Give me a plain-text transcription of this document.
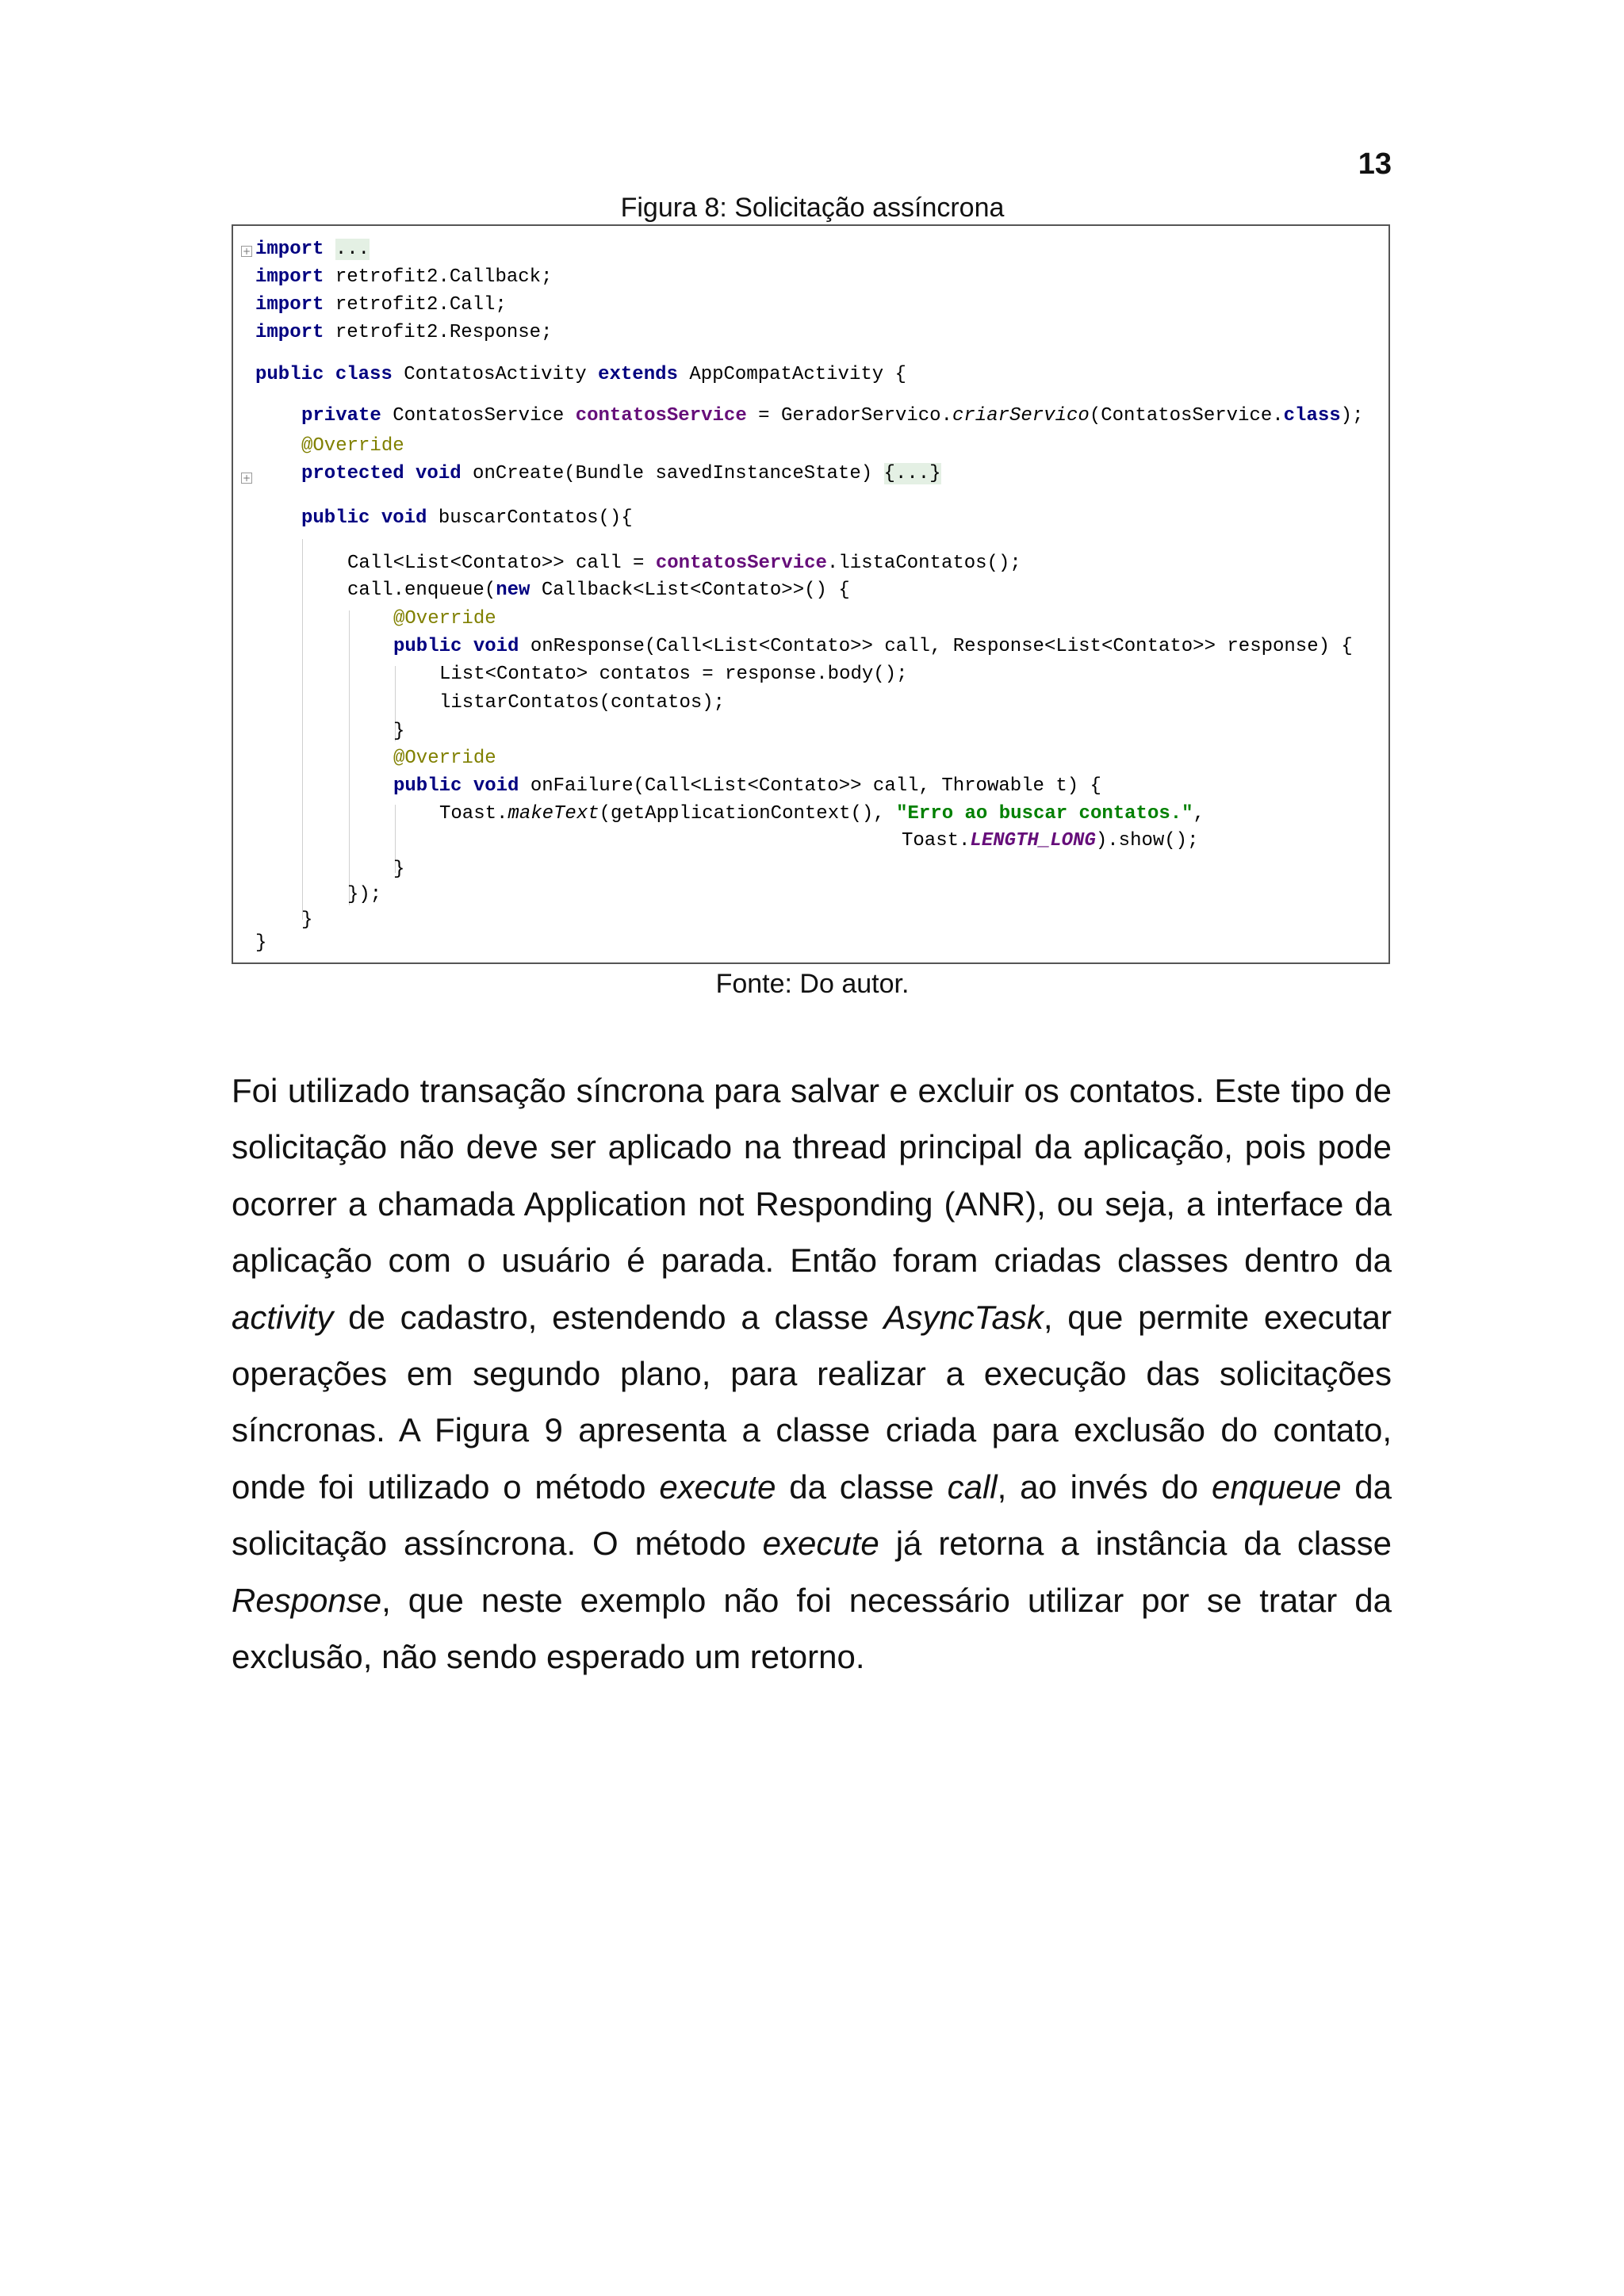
13
Figura 8: Solicitação assíncrona
+
+
import ...
import retrofit2.Callback;
import retrofit2.Call;
import retrofit2.Response;
public class ContatosActivity extends AppCompatActivity {
private ContatosService contatosService = GeradorServico.criarServico(ContatosService.class);
@Override
protected void onCreate(Bundle savedInstanceState) {...}
public void buscarContatos(){
Call<List<Contato>> call = contatosService.listaContatos();
call.enqueue(new Callback<List<Contato>>() {
@Override
public void onResponse(Call<List<Contato>> call, Response<List<Contato>> response) {
List<Contato> contatos = response.body();
listarContatos(contatos);
}
@Override
public void onFailure(Call<List<Contato>> call, Throwable t) {
Toast.makeText(getApplicationContext(), "Erro ao buscar contatos.",
Toast.LENGTH_LONG).show();
}
});
}
}
Fonte: Do autor.

Foi utilizado transação síncrona para salvar e excluir os contatos. Este tipo de solicitação não deve ser aplicado na thread principal da aplicação, pois pode ocorrer a chamada Application not Responding (ANR), ou seja, a interface da aplicação com o usuário é parada. Então foram criadas classes dentro da activity de cadastro, estendendo a classe AsyncTask, que permite executar operações em segundo plano, para realizar a execução das solicitações síncronas. A Figura 9 apresenta a classe criada para exclusão do contato, onde foi utilizado o método execute da classe call, ao invés do enqueue da solicitação assíncrona. O método execute já retorna a instância da classe Response, que neste exemplo não foi necessário utilizar por se tratar da exclusão, não sendo esperado um retorno.
